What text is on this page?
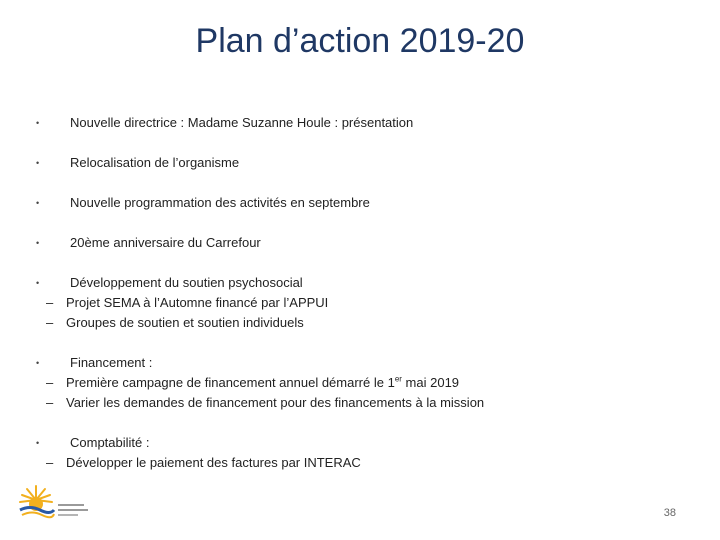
Plan d’action 2019-20
•	Nouvelle directrice : Madame Suzanne Houle : présentation
•	Relocalisation de l’organisme
•	Nouvelle programmation des activités en septembre
•	20ème anniversaire du Carrefour
•	Développement du soutien psychosocial
– Projet SEMA à l’Automne financé par l’APPUI
– Groupes de soutien et soutien individuels
•	Financement :
– Première campagne de financement annuel démarré le 1er mai 2019
– Varier les demandes de financement pour des financements à la mission
•	Comptabilité :
– Développer le paiement des factures par INTERAC
38
